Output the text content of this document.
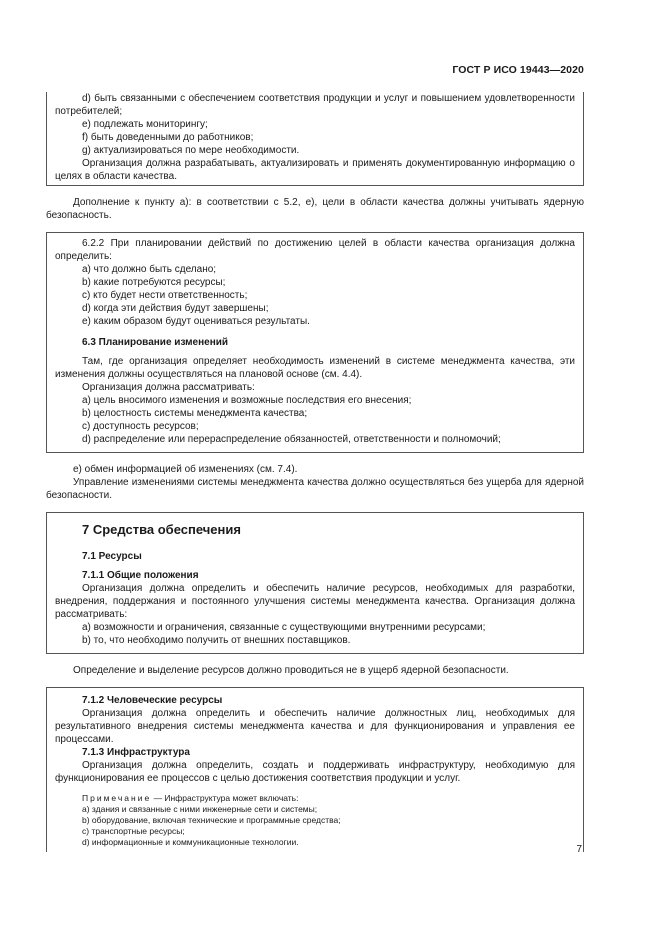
ГОСТ Р ИСО 19443—2020

d) быть связанными с обеспечением соответствия продукции и услуг и повышением удовлетворенности потребителей;

e) подлежать мониторингу;

f) быть доведенными до работников;

g) актуализироваться по мере необходимости.

Организация должна разрабатывать, актуализировать и применять документированную информацию о целях в области качества.

Дополнение к пункту а): в соответствии с 5.2, е), цели в области качества должны учитывать ядерную безопасность.

6.2.2 При планировании действий по достижению целей в области качества организация должна определить:

a) что должно быть сделано;

b) какие потребуются ресурсы;

c) кто будет нести ответственность;

d) когда эти действия будут завершены;

e) каким образом будут оцениваться результаты.

6.3 Планирование изменений

Там, где организация определяет необходимость изменений в системе менеджмента качества, эти изменения должны осуществляться на плановой основе (см. 4.4).

Организация должна рассматривать:

a) цель вносимого изменения и возможные последствия его внесения;

b) целостность системы менеджмента качества;

c) доступность ресурсов;

d) распределение или перераспределение обязанностей, ответственности и полномочий;

e) обмен информацией об изменениях (см. 7.4).

Управление изменениями системы менеджмента качества должно осуществляться без ущерба для ядерной безопасности.

7 Средства обеспечения
7.1 Ресурсы
7.1.1 Общие положения

Организация должна определить и обеспечить наличие ресурсов, необходимых для разработки, внедрения, поддержания и постоянного улучшения системы менеджмента качества. Организация должна рассматривать:

a) возможности и ограничения, связанные с существующими внутренними ресурсами;

b) то, что необходимо получить от внешних поставщиков.

Определение и выделение ресурсов должно проводиться не в ущерб ядерной безопасности.

7.1.2 Человеческие ресурсы

Организация должна определить и обеспечить наличие должностных лиц, необходимых для результативного внедрения системы менеджмента качества и для функционирования и управления ее процессами.

7.1.3 Инфраструктура

Организация должна определить, создать и поддерживать инфраструктуру, необходимую для функционирования ее процессов с целью достижения соответствия продукции и услуг.

Примечание — Инфраструктура может включать:

a) здания и связанные с ними инженерные сети и системы;

b) оборудование, включая технические и программные средства;

c) транспортные ресурсы;

d) информационные и коммуникационные технологии.

7
